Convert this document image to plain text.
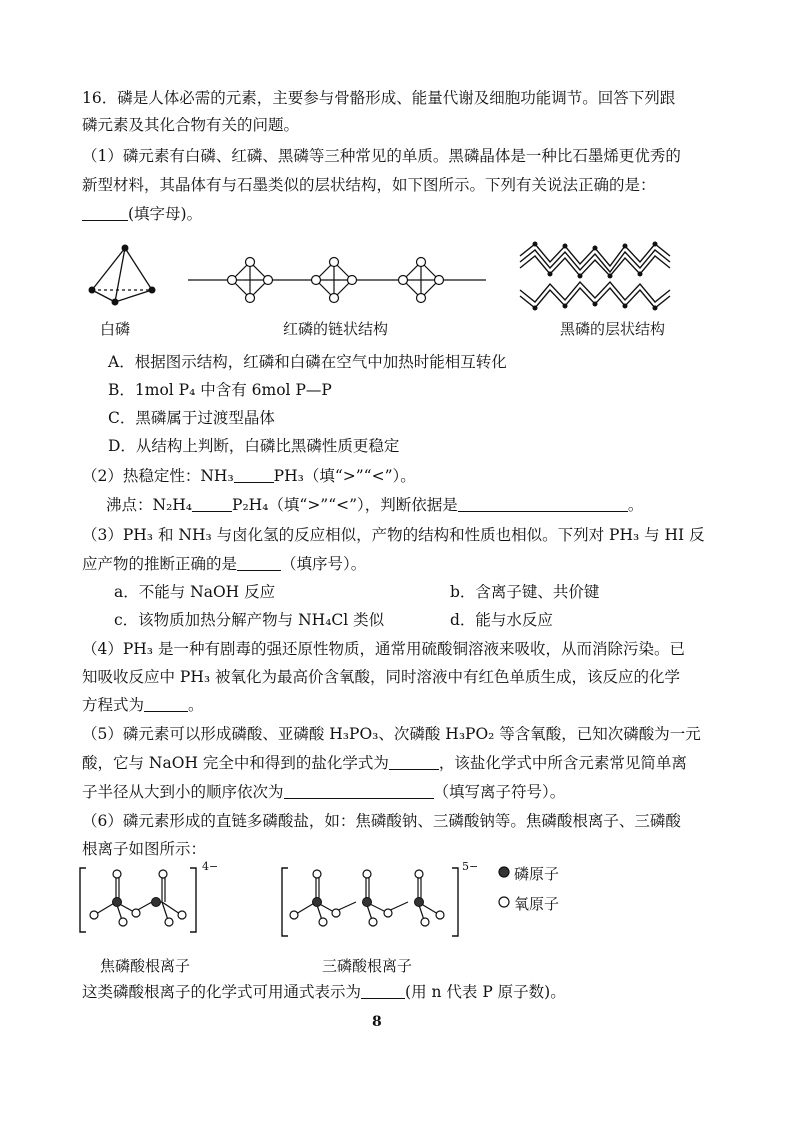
16．磷是人体必需的元素，主要参与骨骼形成、能量代谢及细胞功能调节。回答下列跟
磷元素及其化合物有关的问题。
（1）磷元素有白磷、红磷、黑磷等三种常见的单质。黑磷晶体是一种比石墨烯更优秀的
新型材料，其晶体有与石墨类似的层状结构，如下图所示。下列有关说法正确的是：
(填字母)。
白磷	红磷的链状结构	黑磷的层状结构
A．根据图示结构，红磷和白磷在空气中加热时能相互转化
B．1mol P₄ 中含有 6mol P—P
C．黑磷属于过渡型晶体
D．从结构上判断，白磷比黑磷性质更稳定
（2）热稳定性：NH₃	PH₃（填“>”“<”）。
沸点：N₂H₄	P₂H₄（填“>”“<”），判断依据是	。
（3）PH₃ 和 NH₃ 与卤化氢的反应相似，产物的结构和性质也相似。下列对 PH₃ 与 HI 反
应产物的推断正确的是	（填序号）。
a．不能与 NaOH 反应	b．含离子键、共价键
c．该物质加热分解产物与 NH₄Cl 类似	d．能与水反应
（4）PH₃ 是一种有剧毒的强还原性物质，通常用硫酸铜溶液来吸收，从而消除污染。已
知吸收反应中 PH₃ 被氧化为最高价含氧酸，同时溶液中有红色单质生成，该反应的化学
方程式为	。
（5）磷元素可以形成磷酸、亚磷酸 H₃PO₃、次磷酸 H₃PO₂ 等含氧酸，已知次磷酸为一元
酸，它与 NaOH 完全中和得到的盐化学式为	，该盐化学式中所含元素常见简单离
子半径从大到小的顺序依次为	（填写离子符号）。
（6）磷元素形成的直链多磷酸盐，如：焦磷酸钠、三磷酸钠等。焦磷酸根离子、三磷酸
根离子如图所示：
4−	5− 磷原子
氧原子
焦磷酸根离子	三磷酸根离子
这类磷酸根离子的化学式可用通式表示为	(用 n 代表 P 原子数)。
8
